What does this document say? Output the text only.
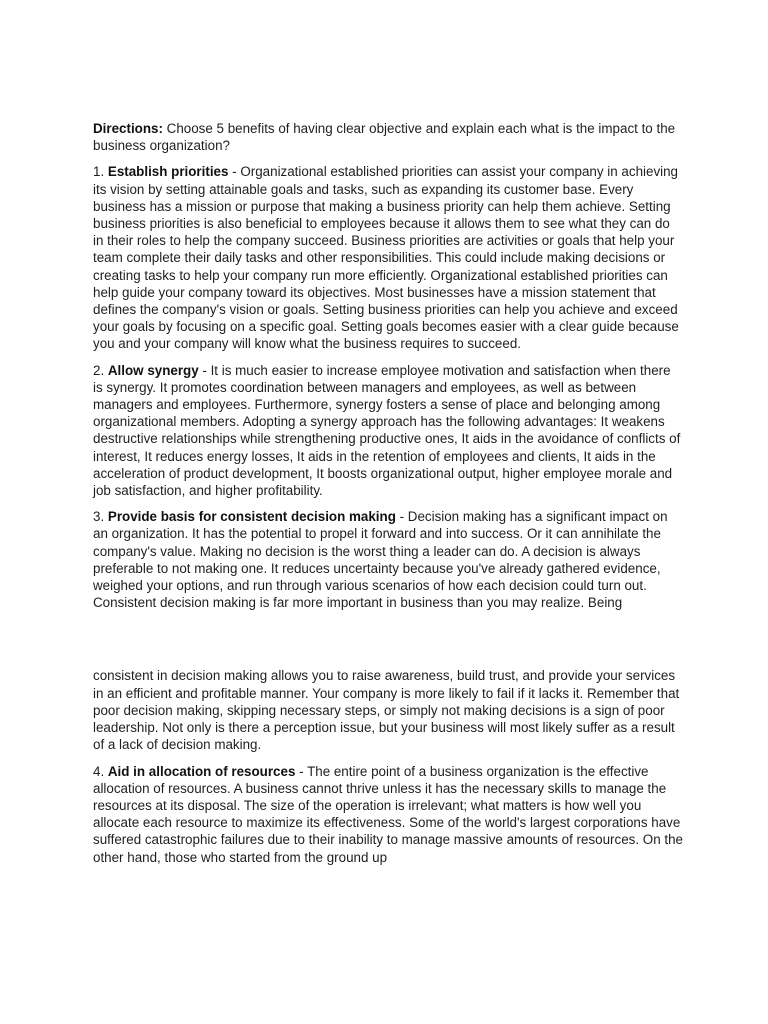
Directions: Choose 5 benefits of having clear objective and explain each what is the impact to the business organization?

1. Establish priorities - Organizational established priorities can assist your company in achieving its vision by setting attainable goals and tasks, such as expanding its customer base. Every business has a mission or purpose that making a business priority can help them achieve. Setting business priorities is also beneficial to employees because it allows them to see what they can do in their roles to help the company succeed. Business priorities are activities or goals that help your team complete their daily tasks and other responsibilities. This could include making decisions or creating tasks to help your company run more efficiently. Organizational established priorities can help guide your company toward its objectives. Most businesses have a mission statement that defines the company's vision or goals. Setting business priorities can help you achieve and exceed your goals by focusing on a specific goal. Setting goals becomes easier with a clear guide because you and your company will know what the business requires to succeed.

2. Allow synergy - It is much easier to increase employee motivation and satisfaction when there is synergy. It promotes coordination between managers and employees, as well as between managers and employees. Furthermore, synergy fosters a sense of place and belonging among organizational members. Adopting a synergy approach has the following advantages: It weakens destructive relationships while strengthening productive ones, It aids in the avoidance of conflicts of interest, It reduces energy losses, It aids in the retention of employees and clients, It aids in the acceleration of product development, It boosts organizational output, higher employee morale and job satisfaction, and higher profitability.

3. Provide basis for consistent decision making - Decision making has a significant impact on an organization. It has the potential to propel it forward and into success. Or it can annihilate the company's value. Making no decision is the worst thing a leader can do. A decision is always preferable to not making one. It reduces uncertainty because you've already gathered evidence, weighed your options, and run through various scenarios of how each decision could turn out. Consistent decision making is far more important in business than you may realize. Being

consistent in decision making allows you to raise awareness, build trust, and provide your services in an efficient and profitable manner. Your company is more likely to fail if it lacks it. Remember that poor decision making, skipping necessary steps, or simply not making decisions is a sign of poor leadership. Not only is there a perception issue, but your business will most likely suffer as a result of a lack of decision making.

4. Aid in allocation of resources - The entire point of a business organization is the effective allocation of resources. A business cannot thrive unless it has the necessary skills to manage the resources at its disposal. The size of the operation is irrelevant; what matters is how well you allocate each resource to maximize its effectiveness. Some of the world's largest corporations have suffered catastrophic failures due to their inability to manage massive amounts of resources. On the other hand, those who started from the ground up
